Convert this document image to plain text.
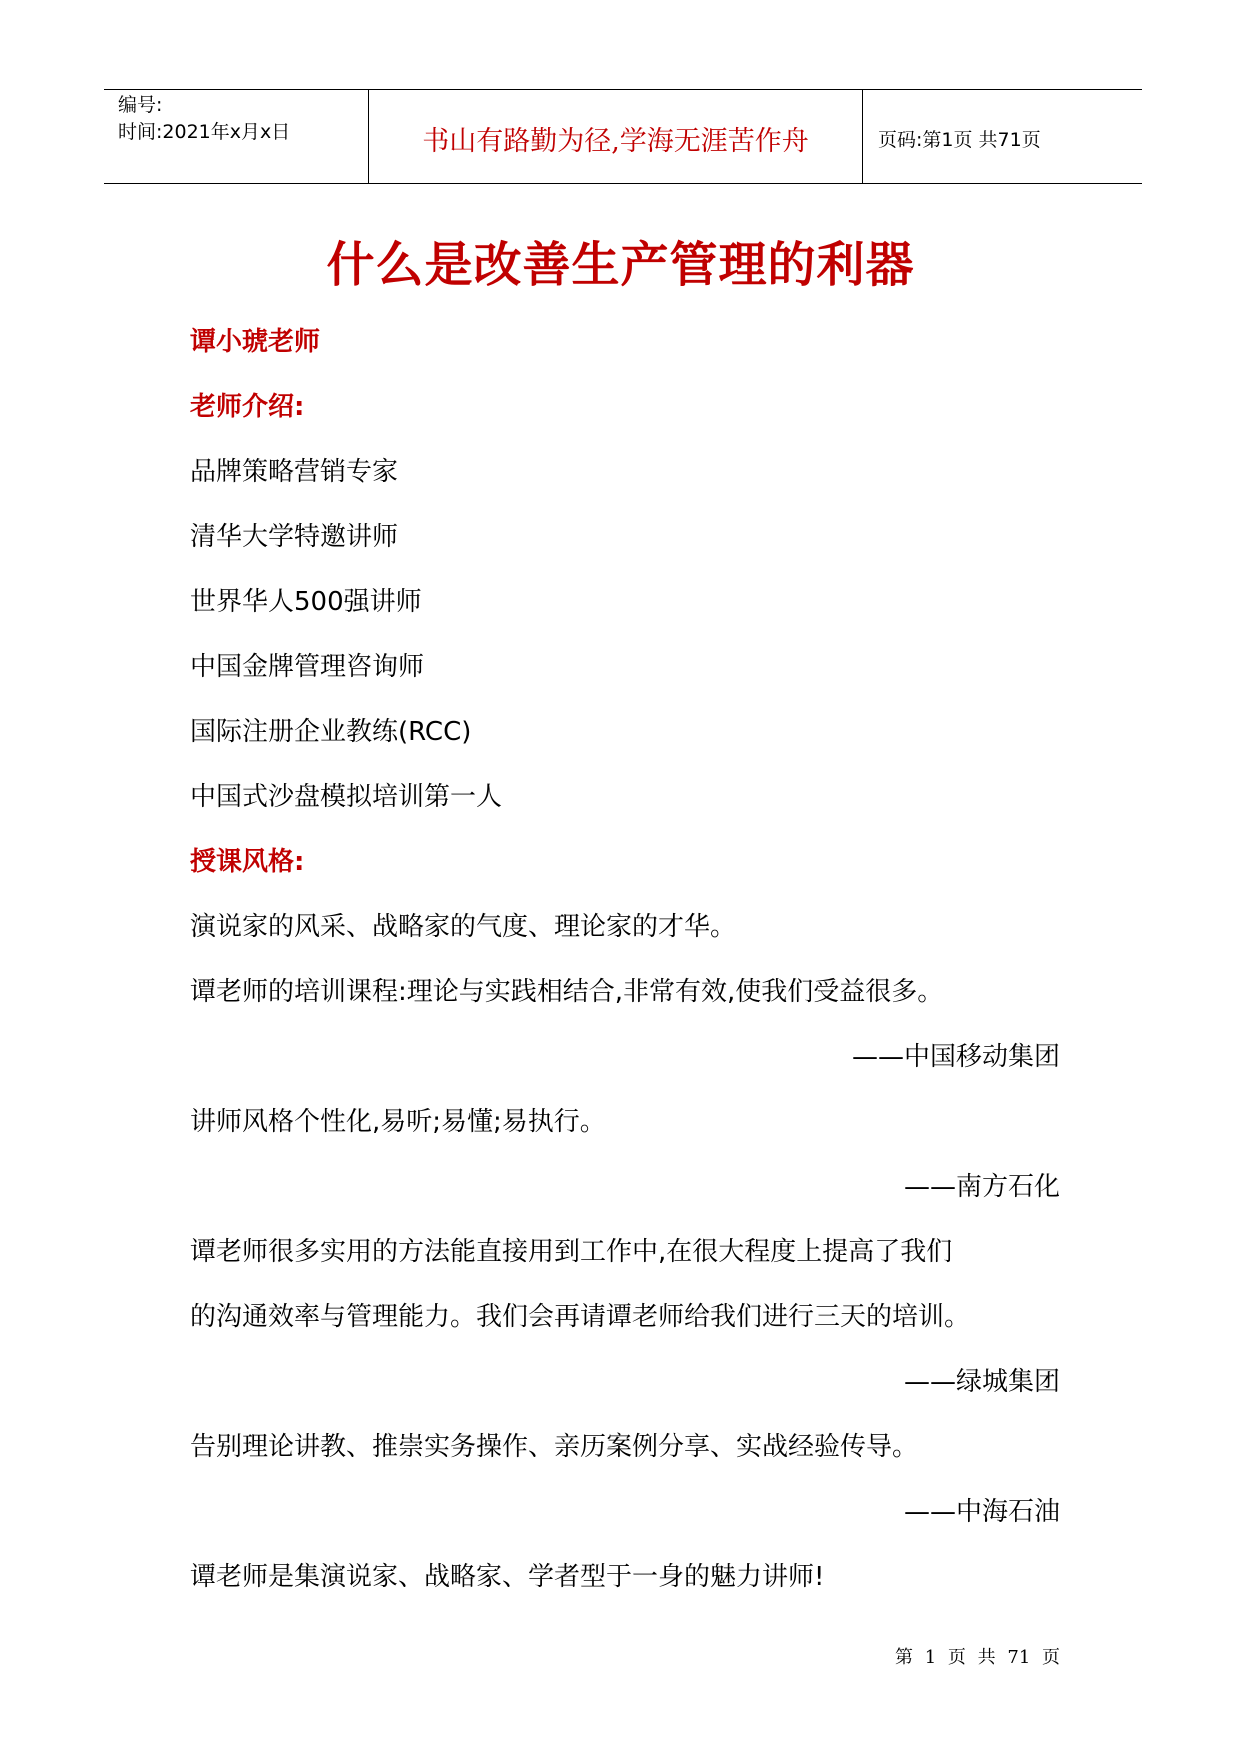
编号:
时间:2021年x月x日	书山有路勤为径,学海无涯苦作舟	页码:第1页 共71页
什么是改善生产管理的利器
谭小琥老师
老师介绍:
品牌策略营销专家
清华大学特邀讲师
世界华人500强讲师
中国金牌管理咨询师
国际注册企业教练(RCC)
中国式沙盘模拟培训第一人
授课风格:
演说家的风采、战略家的气度、理论家的才华。
谭老师的培训课程:理论与实践相结合,非常有效,使我们受益很多。
——中国移动集团
讲师风格个性化,易听;易懂;易执行。
——南方石化
谭老师很多实用的方法能直接用到工作中,在很大程度上提高了我们
的沟通效率与管理能力。我们会再请谭老师给我们进行三天的培训。
——绿城集团
告别理论讲教、推崇实务操作、亲历案例分享、实战经验传导。
——中海石油
谭老师是集演说家、战略家、学者型于一身的魅力讲师!
第 1 页 共 71 页
